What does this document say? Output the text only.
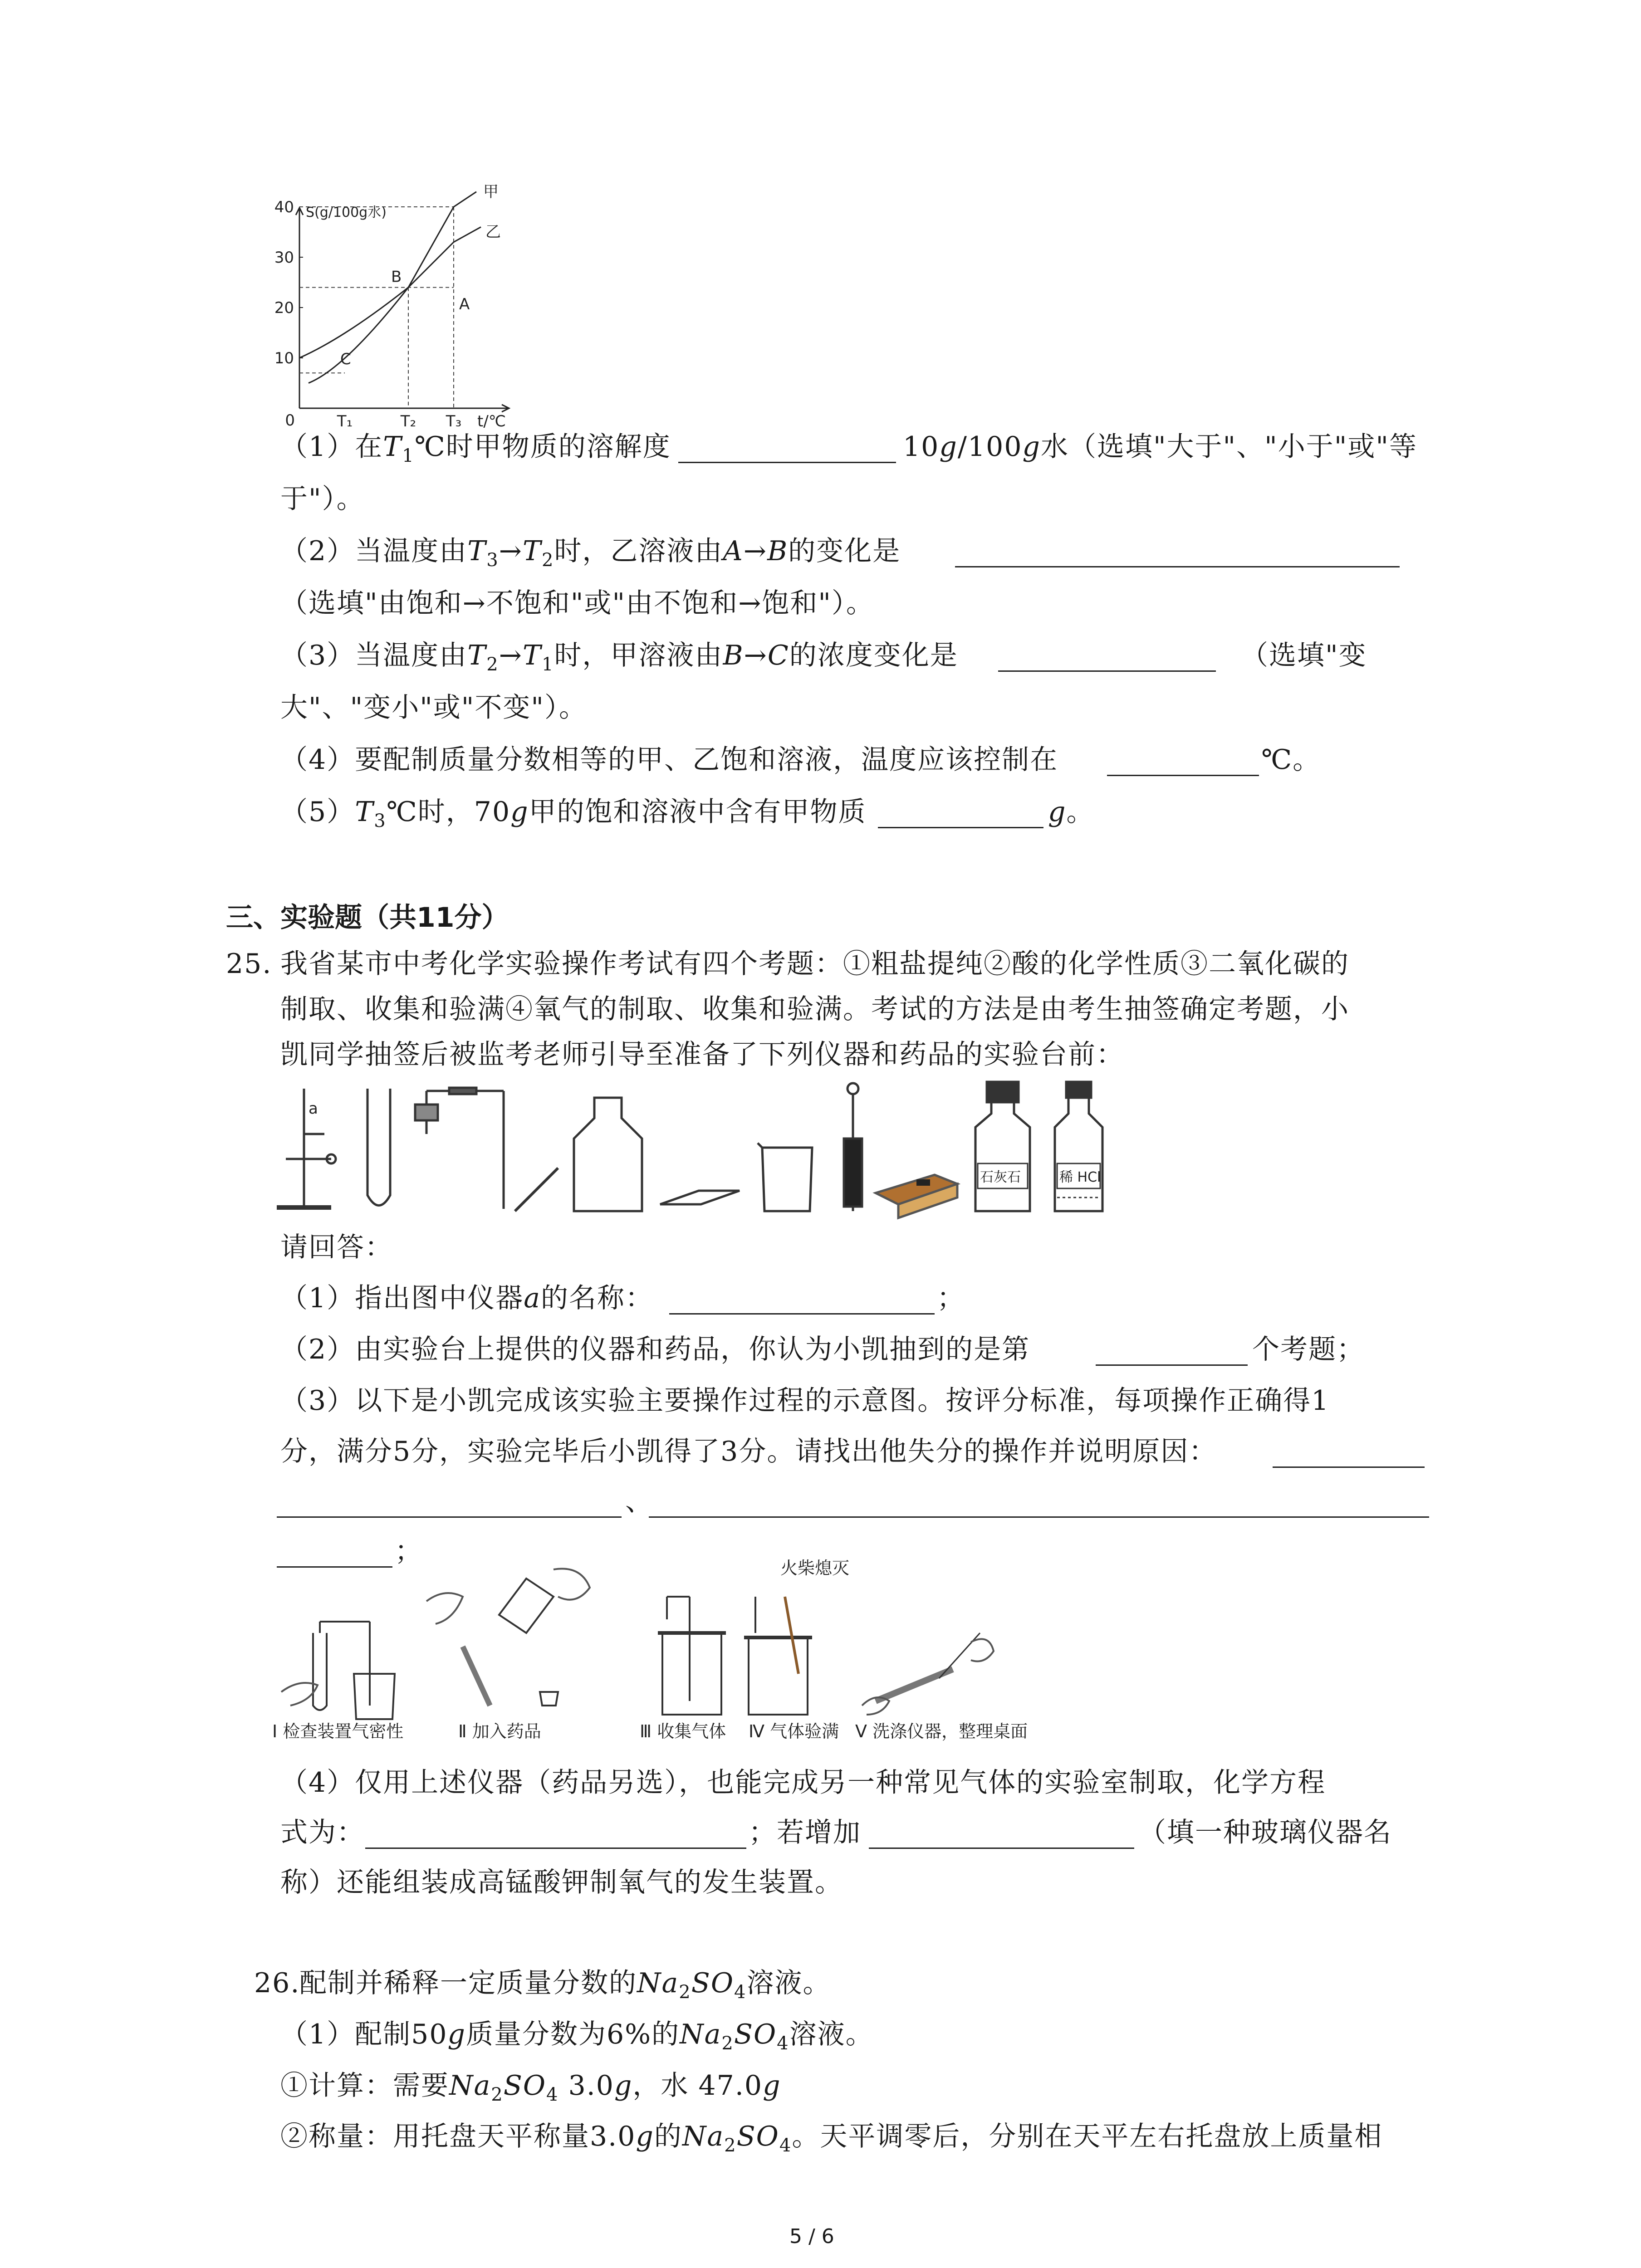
0
10
20
30
40
T₁	T₂ T₃
甲
乙
A
B
C
S(g/100g水)
t/℃
（1）在$T_1℃$时甲物质的溶解度	10g/100g水（选填"大于"、"小于"或"等
于"）。
（2）当温度由$T_3\to T_2$时，乙溶液由A→B的变化是
（选填"由饱和→不饱和"或"由不饱和→饱和"）。
（3）当温度由$T_2\to T_1$时，甲溶液由B→C的浓度变化是	（选填"变
大"、"变小"或"不变"）。
（4）要配制质量分数相等的甲、乙饱和溶液，温度应该控制在	℃。
$(5)T_3℃$时，70g甲的饱和溶液中含有甲物质	g。
三、实验题（共11分）
25. 我省某市中考化学实验操作考试有四个考题：①粗盐提纯②酸的化学性质③二氧化碳的
制取、收集和验满④氧气的制取、收集和验满。考试的方法是由考生抽签确定考题，小
凯同学抽签后被监考老师引导至准备了下列仪器和药品的实验台前：
a
石灰石	稀 HCl
请回答：
（1）指出图中仪器a的名称：	；
（2）由实验台上提供的仪器和药品，你认为小凯抽到的是第	个考题；
（3）以下是小凯完成该实验主要操作过程的示意图。按评分标准，每项操作正确得1
分，满分5分，实验完毕后小凯得了3分。请找出他失分的操作并说明原因：
、
；
火柴熄灭
Ⅰ 检查装置气密性	Ⅱ 加入药品	Ⅲ 收集气体 Ⅳ 气体验满 Ⅴ 洗涤仪器，整理桌面
（4）仅用上述仪器（药品另选），也能完成另一种常见气体的实验室制取，化学方程
式为：	；若增加	（填一种玻璃仪器名
称）还能组装成高锰酸钾制氧气的发生装置。
26.
配制并稀释一定质量分数的$Na_2SO_4$溶液。
（1）配制50g质量分数为6%的$Na_2SO_4$溶液。
①计算：需要$Na_2SO_4$ 3.0g，水 47.0g
②称量：用托盘天平称量3.0g的$Na_2SO_4$。天平调零后，分别在天平左右托盘放上质量相
5 / 6
